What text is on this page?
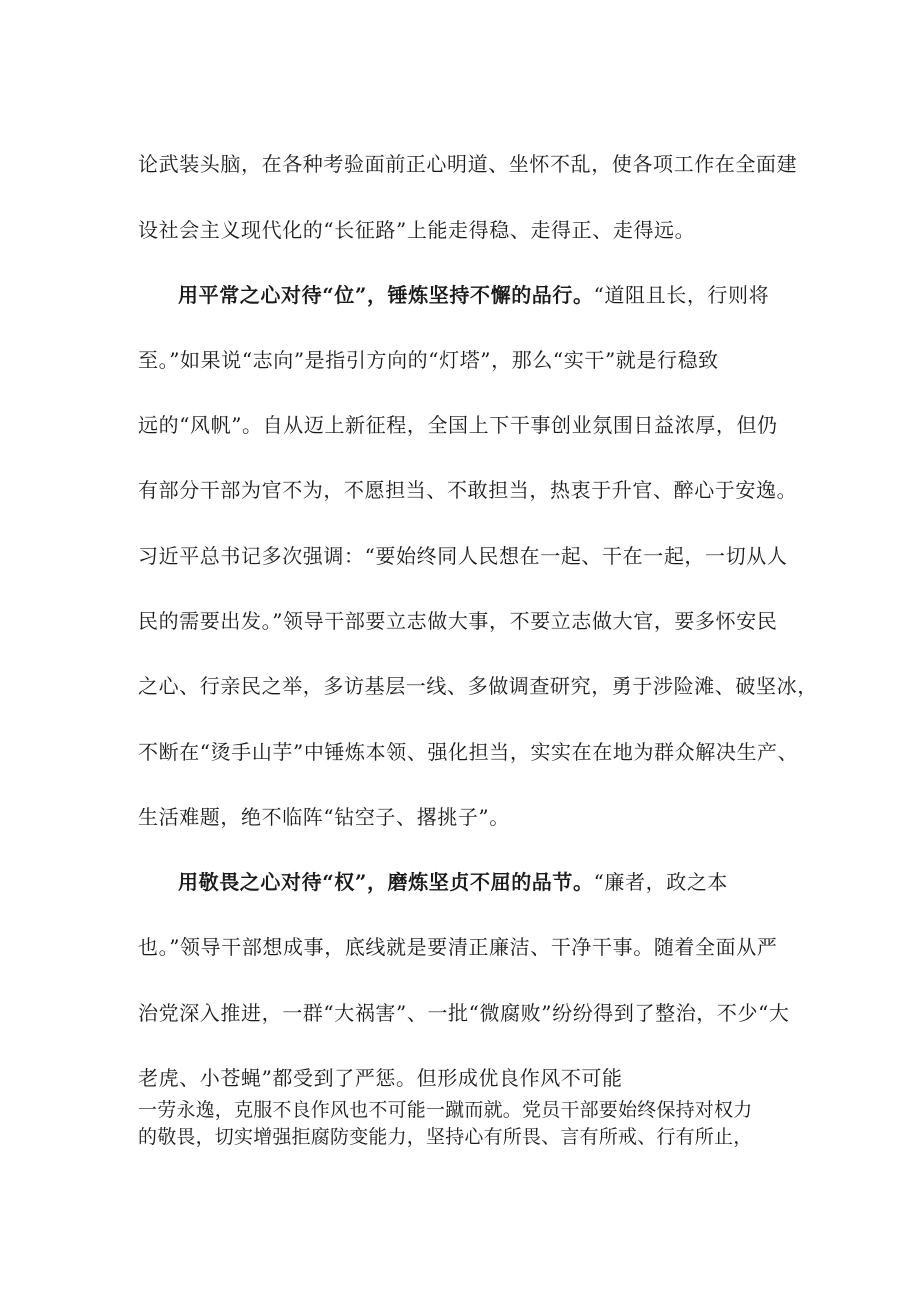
论武装头脑，在各种考验面前正心明道、坐怀不乱，使各项工作在全面建
设社会主义现代化的“长征路”上能走得稳、走得正、走得远。
用平常之心对待“位”，锤炼坚持不懈的品行。“道阻且长，行则将
至。”如果说“志向”是指引方向的“灯塔”，那么“实干”就是行稳致
远的“风帆”。自从迈上新征程，全国上下干事创业氛围日益浓厚，但仍
有部分干部为官不为，不愿担当、不敢担当，热衷于升官、醉心于安逸。
习近平总书记多次强调：“要始终同人民想在一起、干在一起，一切从人
民的需要出发。”领导干部要立志做大事，不要立志做大官，要多怀安民
之心、行亲民之举，多访基层一线、多做调查研究，勇于涉险滩、破坚冰，
不断在“烫手山芋”中锤炼本领、强化担当，实实在在地为群众解决生产、
生活难题，绝不临阵“钻空子、撂挑子”。
用敬畏之心对待“权”，磨炼坚贞不屈的品节。“廉者，政之本
也。”领导干部想成事，底线就是要清正廉洁、干净干事。随着全面从严
治党深入推进，一群“大祸害”、一批“微腐败”纷纷得到了整治，不少“大
老虎、小苍蝇”都受到了严惩。但形成优良作风不可能
一劳永逸，克服不良作风也不可能一蹴而就。党员干部要始终保持对权力
的敬畏，切实增强拒腐防变能力，坚持心有所畏、言有所戒、行有所止，
